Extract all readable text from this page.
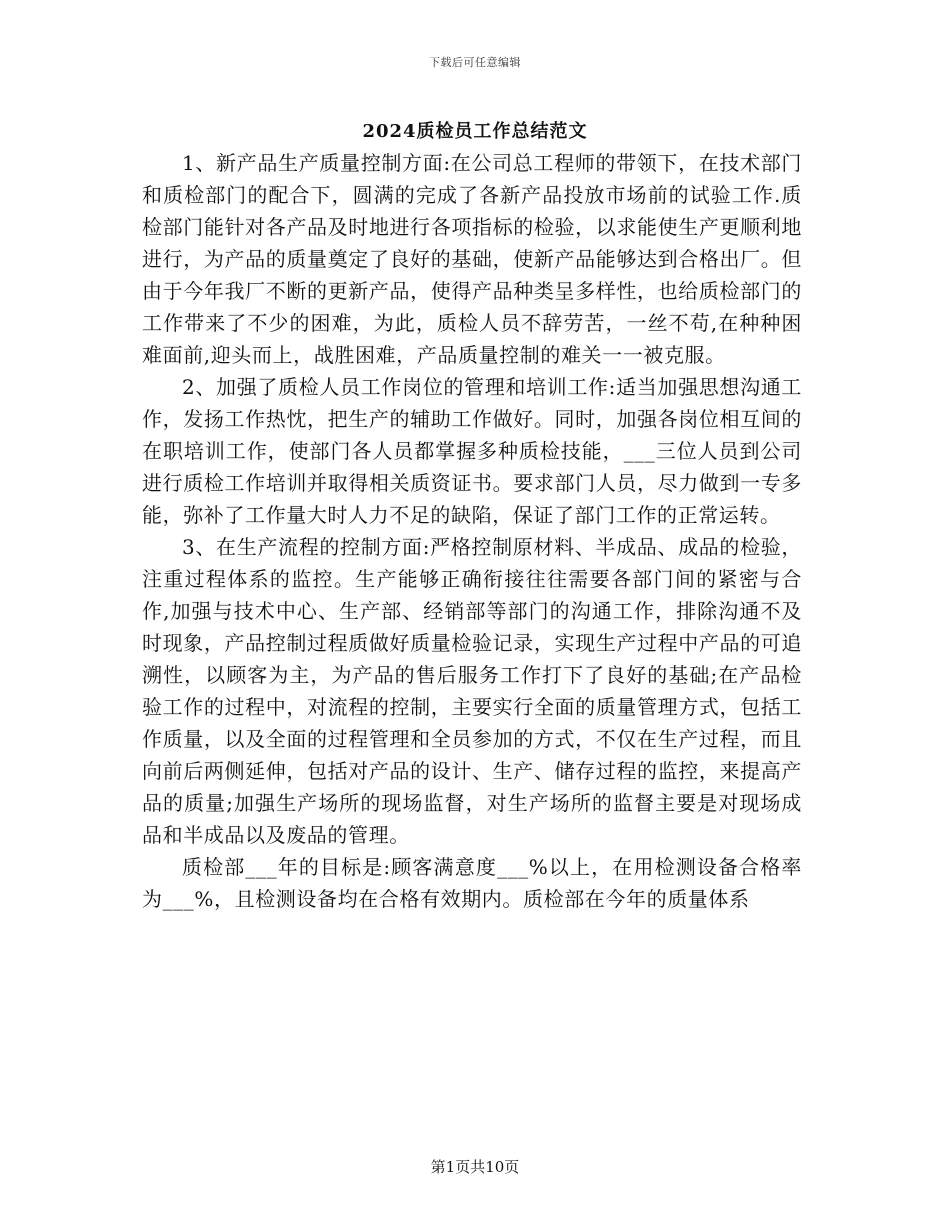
下载后可任意编辑
2024质检员工作总结范文

1、新产品生产质量控制方面:在公司总工程师的带领下，在技术部门和质检部门的配合下，圆满的完成了各新产品投放市场前的试验工作.质检部门能针对各产品及时地进行各项指标的检验，以求能使生产更顺利地进行，为产品的质量奠定了良好的基础，使新产品能够达到合格出厂。但由于今年我厂不断的更新产品，使得产品种类呈多样性，也给质检部门的工作带来了不少的困难，为此，质检人员不辞劳苦，一丝不苟,在种种困难面前,迎头而上，战胜困难，产品质量控制的难关一一被克服。

2、加强了质检人员工作岗位的管理和培训工作:适当加强思想沟通工作，发扬工作热忱，把生产的辅助工作做好。同时，加强各岗位相互间的在职培训工作，使部门各人员都掌握多种质检技能，___三位人员到公司进行质检工作培训并取得相关质资证书。要求部门人员，尽力做到一专多能，弥补了工作量大时人力不足的缺陷，保证了部门工作的正常运转。

3、在生产流程的控制方面:严格控制原材料、半成品、成品的检验，注重过程体系的监控。生产能够正确衔接往往需要各部门间的紧密与合作,加强与技术中心、生产部、经销部等部门的沟通工作，排除沟通不及时现象，产品控制过程质做好质量检验记录，实现生产过程中产品的可追溯性，以顾客为主，为产品的售后服务工作打下了良好的基础;在产品检验工作的过程中，对流程的控制，主要实行全面的质量管理方式，包括工作质量，以及全面的过程管理和全员参加的方式，不仅在生产过程，而且向前后两侧延伸，包括对产品的设计、生产、储存过程的监控，来提高产品的质量;加强生产场所的现场监督，对生产场所的监督主要是对现场成品和半成品以及废品的管理。

质检部___年的目标是:顾客满意度___%以上，在用检测设备合格率为___%，且检测设备均在合格有效期内。质检部在今年的质量体系

第1页共10页
